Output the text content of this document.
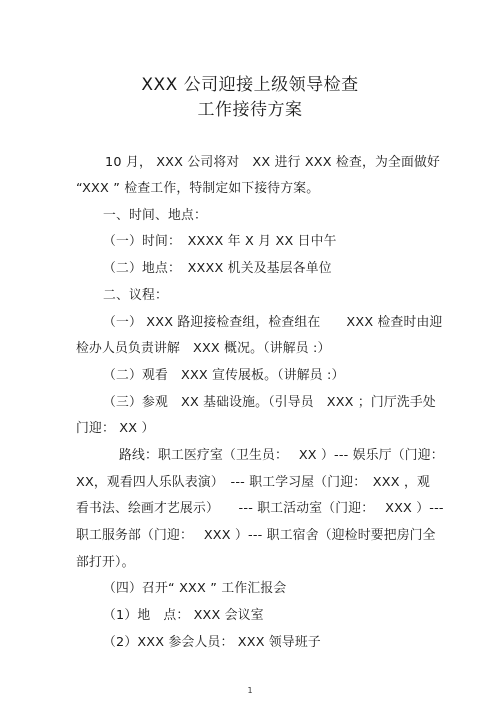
XXX 公司迎接上级领导检查
工作接待方案
10 月， XXX 公司将对　XX 进行 XXX 检查，为全面做好
“XXX ” 检查工作，特制定如下接待方案。
一、时间、地点：
（一）时间：　XXXX 年 X 月 XX 日中午
（二）地点：　XXXX 机关及基层各单位
二、议程：
（一） XXX 路迎接检查组，检查组在　　XXX 检查时由迎
检办人员负责讲解　XXX 概况。（讲解员 :）
（二）观看　XXX 宣传展板。（讲解员 :）
（三）参观　XX 基础设施。（引导员　XXX ；门厅洗手处
门迎： XX ）
路线：职工医疗室（卫生员：　 XX ）--- 娱乐厅（门迎：
XX，观看四人乐队表演）　--- 职工学习屋（门迎：　XXX ，观
看书法、绘画才艺展示）　　--- 职工活动室（门迎：　 XXX ）---
职工服务部（门迎：　 XXX ）--- 职工宿舍（迎检时要把房门全
部打开）。
（四）召开“ XXX ” 工作汇报会
（1）地　点： XXX 会议室
（2）XXX 参会人员： XXX 领导班子
1
